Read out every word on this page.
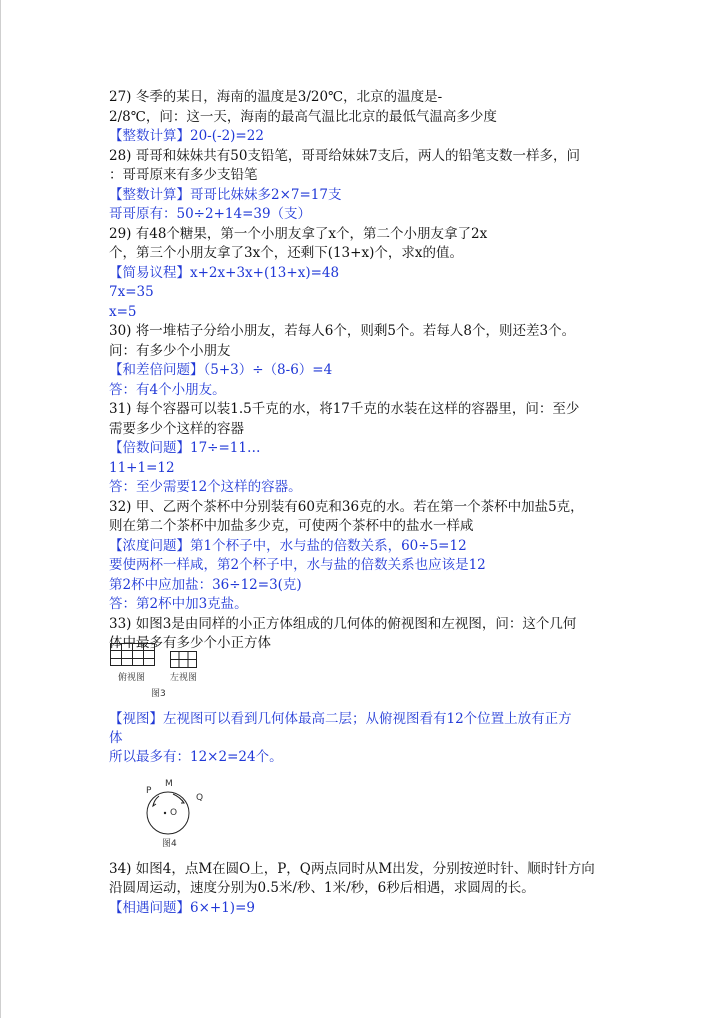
27) 冬季的某日，海南的温度是3/20℃，北京的温度是-
2/8℃，问：这一天，海南的最高气温比北京的最低气温高多少度
【整数计算】20-(-2)=22
28) 哥哥和妹妹共有50支铅笔，哥哥给妹妹7支后，两人的铅笔支数一样多，问
：哥哥原来有多少支铅笔
【整数计算】哥哥比妹妹多2×7=17支
哥哥原有：50÷2+14=39（支）
29) 有48个糖果，第一个小朋友拿了x个，第二个小朋友拿了2x
个，第三个小朋友拿了3x个，还剩下(13+x)个，求x的值。
【简易议程】x+2x+3x+(13+x)=48
7x=35
x=5
30) 将一堆桔子分给小朋友，若每人6个，则剩5个。若每人8个，则还差3个。
问：有多少个小朋友
【和差倍问题】（5+3）÷（8-6）=4
答：有4个小朋友。
31) 每个容器可以装1.5千克的水，将17千克的水装在这样的容器里，问：至少
需要多少个这样的容器
【倍数问题】17÷=11…
11+1=12
答：至少需要12个这样的容器。
32) 甲、乙两个茶杯中分别装有60克和36克的水。若在第一个茶杯中加盐5克，
则在第二个茶杯中加盐多少克，可使两个茶杯中的盐水一样咸
【浓度问题】第1个杯子中，水与盐的倍数关系，60÷5=12
要使两杯一样咸，第2个杯子中，水与盐的倍数关系也应该是12
第2杯中应加盐：36÷12=3(克)
答：第2杯中加3克盐。
33) 如图3是由同样的小正方体组成的几何体的俯视图和左视图，问：这个几何
体中最多有多少个小正方体
俯视图	左视图
图3
【视图】左视图可以看到几何体最高二层；从俯视图看有12个位置上放有正方
体
所以最多有：12×2=24个。
M
P
Q
O
图4
34) 如图4，点M在圆O上，P，Q两点同时从M出发，分别按逆时针、顺时针方向
沿圆周运动，速度分别为0.5米/秒、1米/秒，6秒后相遇，求圆周的长。
【相遇问题】6×+1)=9
